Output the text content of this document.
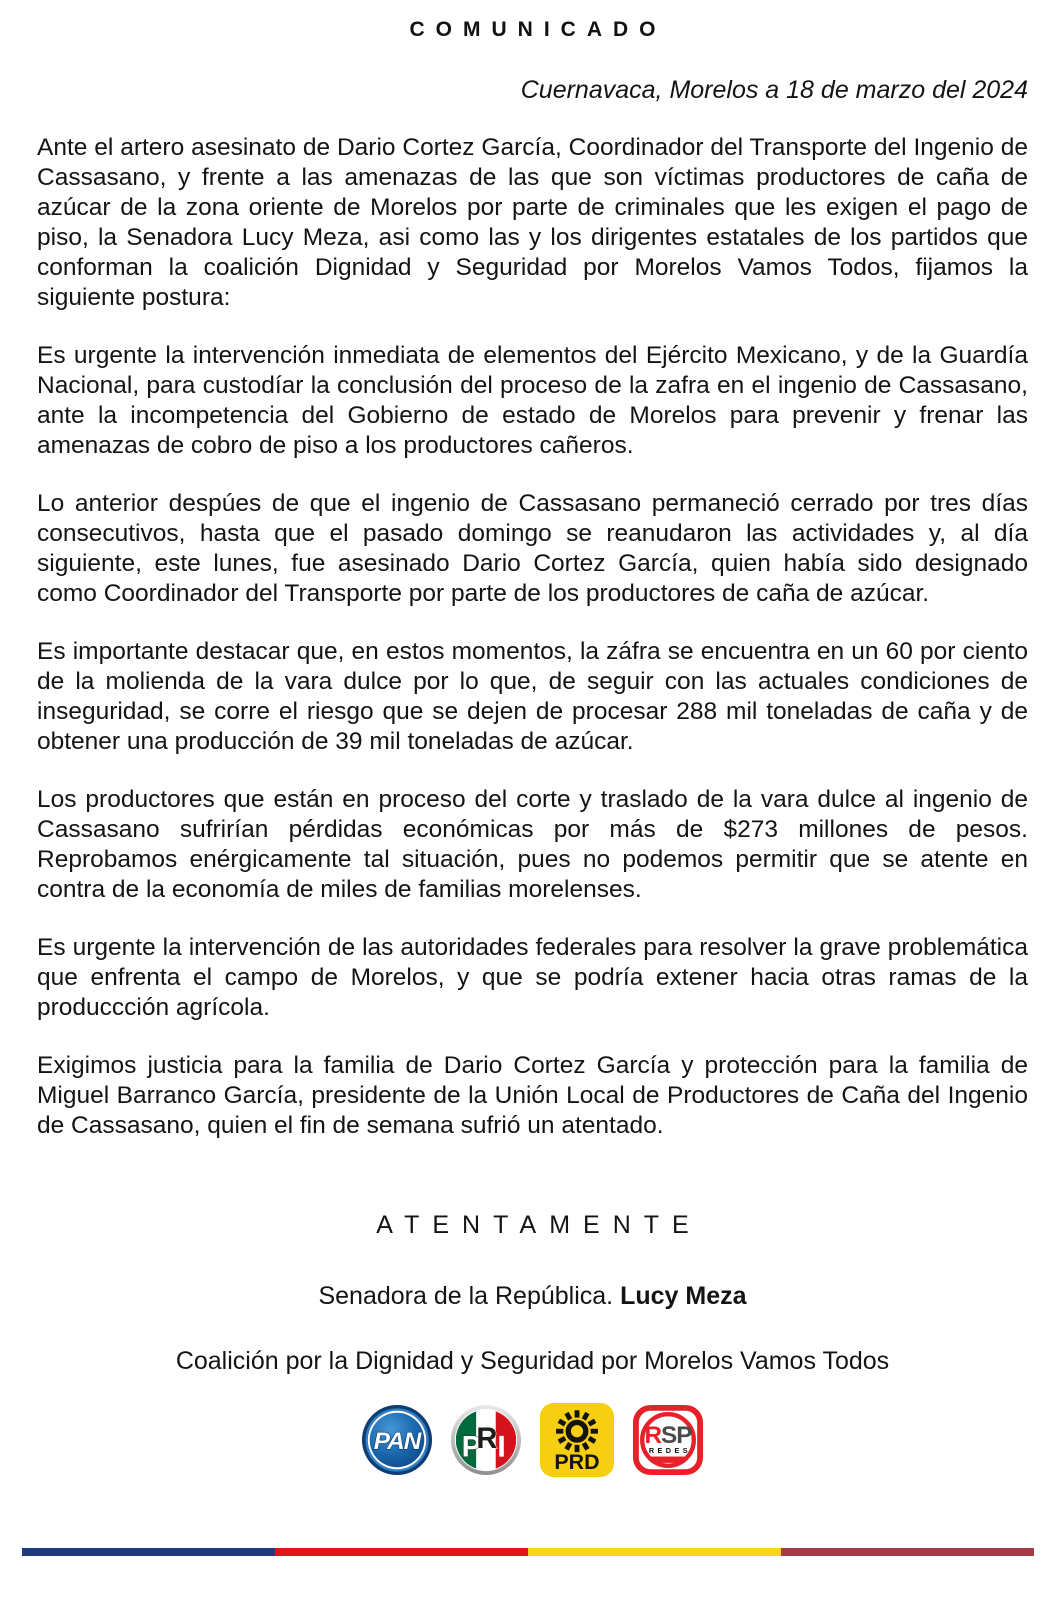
COMUNICADO
Cuernavaca, Morelos a 18 de marzo del 2024

Ante el artero asesinato de Dario Cortez García, Coordinador del Transporte del Ingenio de Cassasano, y frente a las amenazas de las que son víctimas productores de caña de azúcar de la zona oriente de Morelos por parte de criminales que les exigen el pago de piso, la Senadora Lucy Meza, asi como las y los dirigentes estatales de los partidos que conforman la coalición Dignidad y Seguridad por Morelos Vamos Todos, fijamos la siguiente postura:

Es urgente la intervención inmediata de elementos del Ejército Mexicano, y de la Guardía Nacional, para custodíar la conclusión del proceso de la zafra en el ingenio de Cassasano, ante la incompetencia del Gobierno de estado de Morelos para prevenir y frenar las amenazas de cobro de piso a los productores cañeros.

Lo anterior despúes de que el ingenio de Cassasano permaneció cerrado por tres días consecutivos, hasta que el pasado domingo se reanudaron las actividades y, al día siguiente, este lunes, fue asesinado Dario Cortez García, quien había sido designado como Coordinador del Transporte por parte de los productores de caña de azúcar.

Es importante destacar que, en estos momentos, la záfra se encuentra en un 60 por ciento de la molienda de la vara dulce por lo que, de seguir con las actuales condiciones de inseguridad, se corre el riesgo que se dejen de procesar 288 mil toneladas de caña y de obtener una producción de 39 mil toneladas de azúcar.

Los productores que están en proceso del corte y traslado de la vara dulce al ingenio de Cassasano sufrirían pérdidas económicas por más de $273 millones de pesos. Reprobamos enérgicamente tal situación, pues no podemos permitir que se atente en contra de la economía de miles de familias morelenses.

Es urgente la intervención de las autoridades federales para resolver la grave problemática que enfrenta el campo de Morelos, y que se podría extener hacia otras ramas de la produccción agrícola.

Exigimos justicia para la familia de Dario Cortez García y protección para la familia de Miguel Barranco García, presidente de la Unión Local de Productores de Caña del Ingenio de Cassasano, quien el fin de semana sufrió un atentado.

ATENTAMENTE
Senadora de la República. Lucy Meza
Coalición por la Dignidad y Seguridad por Morelos Vamos Todos
PAN P
R I PRD
RSP
REDES
